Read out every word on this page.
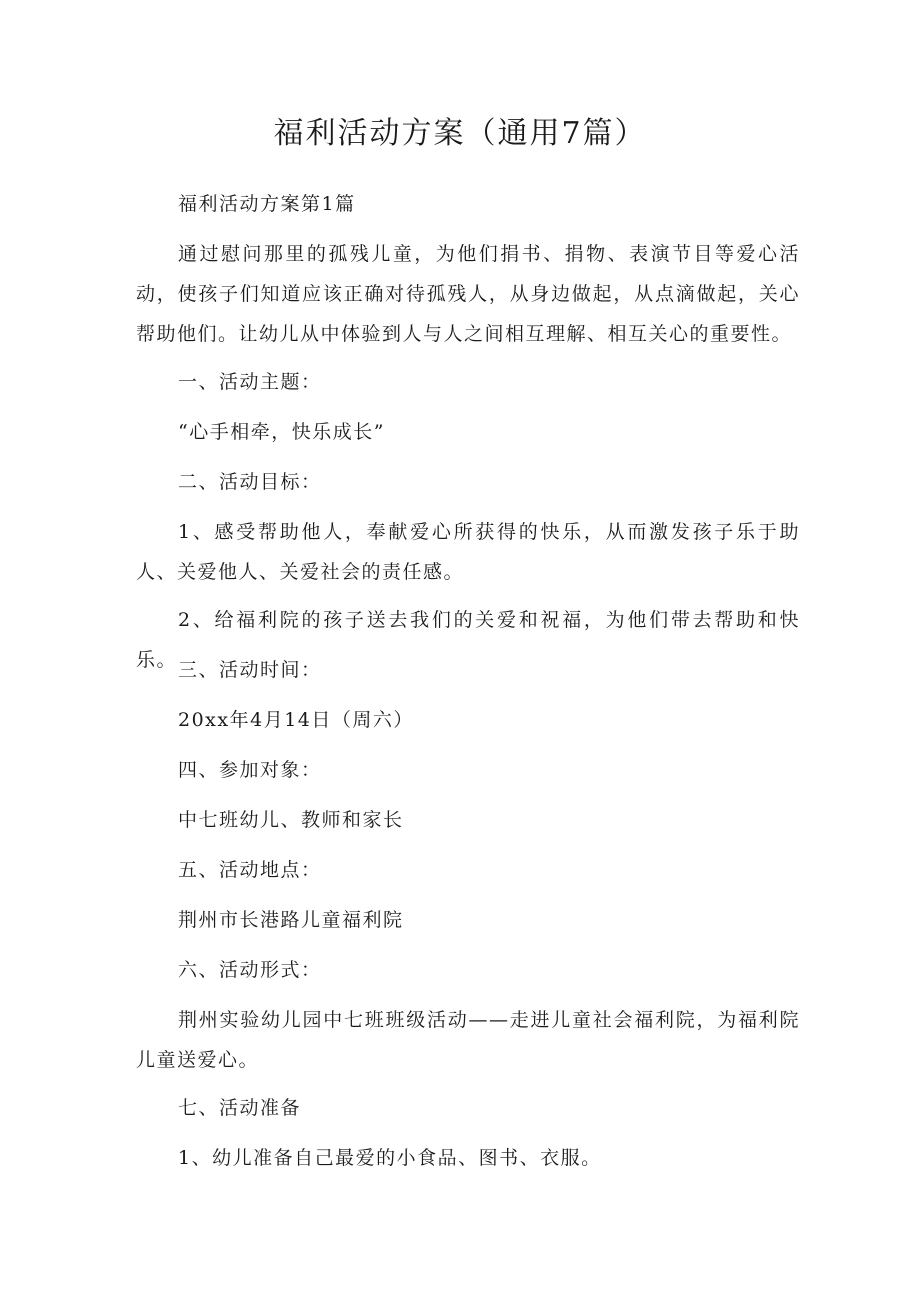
福利活动方案（通用7篇）

福利活动方案第1篇

通过慰问那里的孤残儿童，为他们捐书、捐物、表演节目等爱心活动，使孩子们知道应该正确对待孤残人，从身边做起，从点滴做起，关心帮助他们。让幼儿从中体验到人与人之间相互理解、相互关心的重要性。

一、活动主题：

“心手相牵，快乐成长”

二、活动目标：

1、感受帮助他人，奉献爱心所获得的快乐，从而激发孩子乐于助人、关爱他人、关爱社会的责任感。

2、给福利院的孩子送去我们的关爱和祝福，为他们带去帮助和快乐。 三、活动时间：

20xx年4月14日（周六）

四、参加对象：

中七班幼儿、教师和家长

五、活动地点：

荆州市长港路儿童福利院

六、活动形式：

荆州实验幼儿园中七班班级活动——走进儿童社会福利院，为福利院儿童送爱心。

七、活动准备

1、幼儿准备自己最爱的小食品、图书、衣服。
